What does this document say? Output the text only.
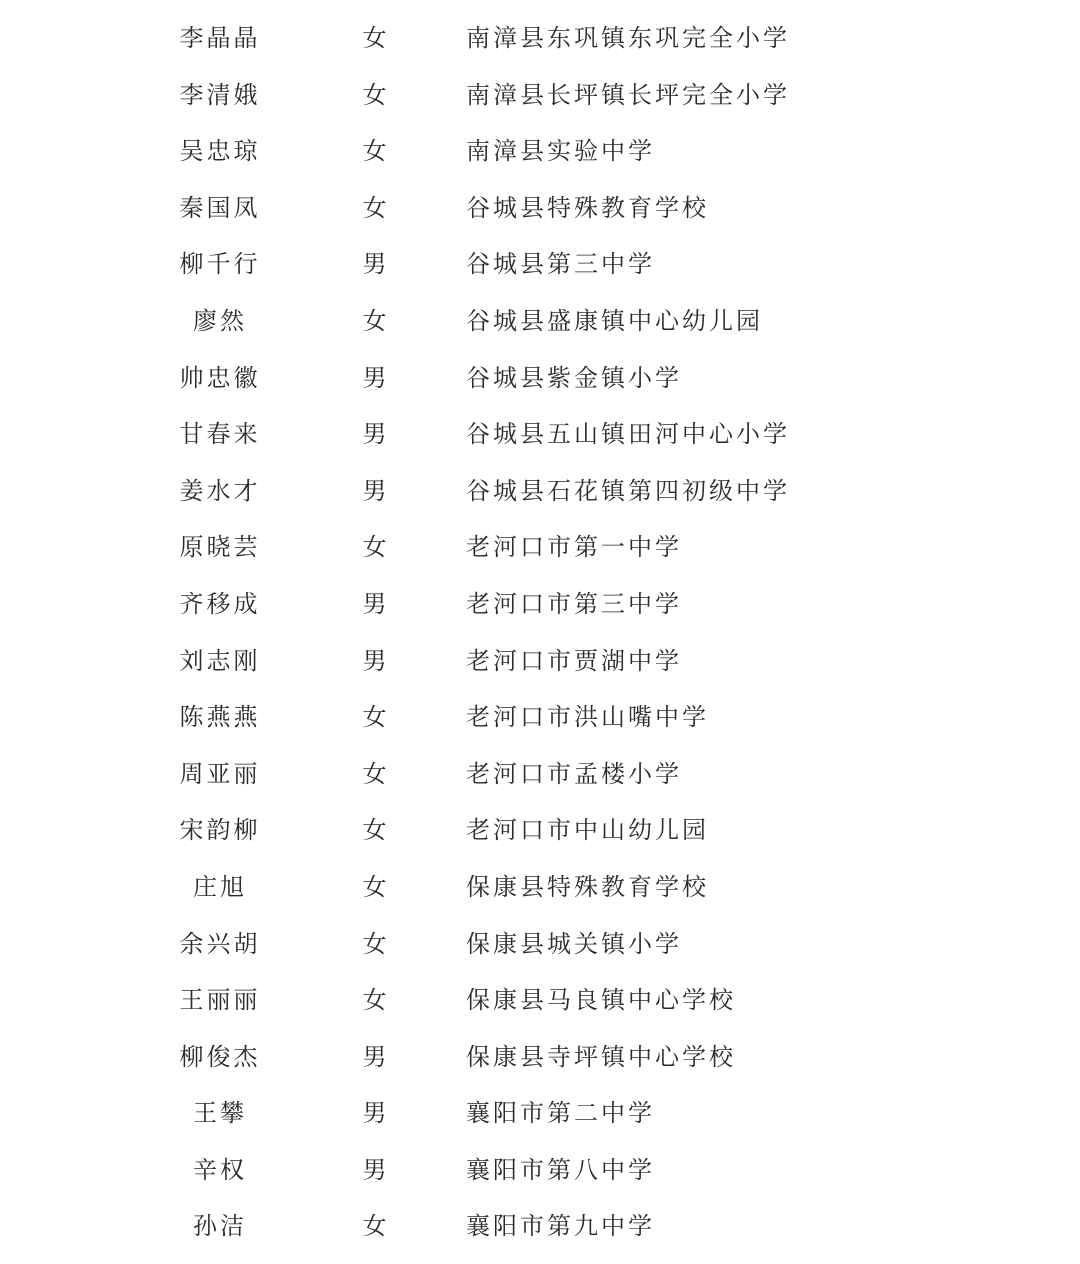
李晶晶	女	南漳县东巩镇东巩完全小学
李清娥	女	南漳县长坪镇长坪完全小学
吴忠琼	女	南漳县实验中学
秦国凤	女	谷城县特殊教育学校
柳千行	男	谷城县第三中学
廖然	女	谷城县盛康镇中心幼儿园
帅忠徽	男	谷城县紫金镇小学
甘春来	男	谷城县五山镇田河中心小学
姜水才	男	谷城县石花镇第四初级中学
原晓芸	女	老河口市第一中学
齐移成	男	老河口市第三中学
刘志刚	男	老河口市贾湖中学
陈燕燕	女	老河口市洪山嘴中学
周亚丽	女	老河口市孟楼小学
宋韵柳	女	老河口市中山幼儿园
庄旭	女	保康县特殊教育学校
余兴胡	女	保康县城关镇小学
王丽丽	女	保康县马良镇中心学校
柳俊杰	男	保康县寺坪镇中心学校
王攀	男	襄阳市第二中学
辛权	男	襄阳市第八中学
孙洁	女	襄阳市第九中学
